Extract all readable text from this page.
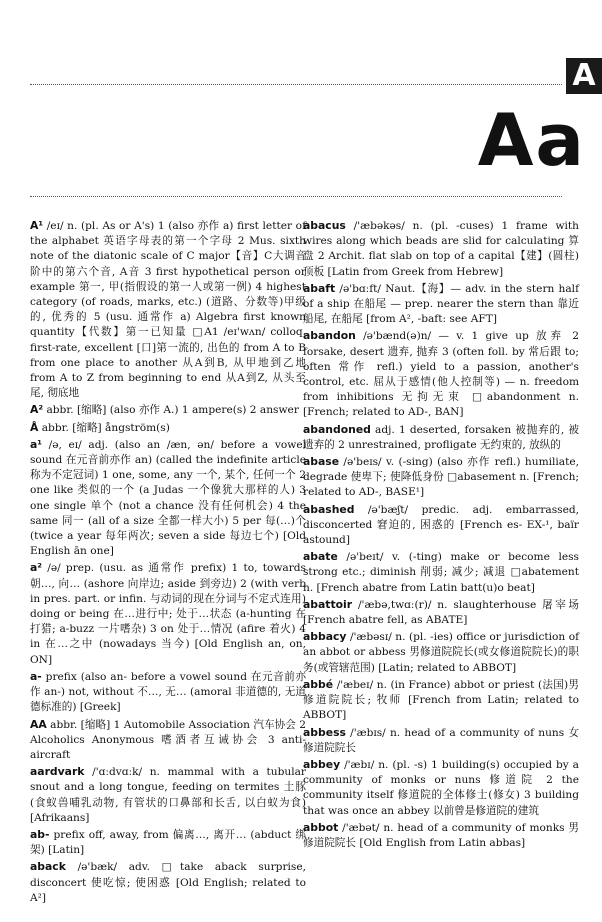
A
Aa

A¹ /eɪ/ n. (pl. As or A's) 1 (also 亦作 a) first letter of the alphabet 英语字母表的第一个字母 2 Mus. sixth note of the diatonic scale of C major【音】C大调音阶中的第六个音, A音 3 first hypothetical person or example 第一, 甲(指假设的第一人或第一例) 4 highest category (of roads, marks, etc.) (道路、分数等)甲级的, 优秀的 5 (usu. 通常作 a) Algebra first known quantity【代数】第一已知量 □A1 /eɪ'wʌn/ colloq. first-rate, excellent [口]第一流的, 出色的 from A to B from one place to another 从A到B, 从甲地到乙地 from A to Z from beginning to end 从A到Z, 从头至尾, 彻底地

A² abbr. [缩略] (also 亦作 A.) 1 ampere(s) 2 answer

Å abbr. [缩略] ångström(s)

a¹ /ə, eɪ/ adj. (also an /æn, ən/ before a vowel sound 在元音前亦作 an) (called the indefinite article 称为不定冠词) 1 one, some, any 一个, 某个, 任何一个 2 one like 类似的一个 (a Judas 一个像犹大那样的人) 3 one single 单个 (not a chance 没有任何机会) 4 the same 同一 (all of a size 全都一样大小) 5 per 每(…)个 (twice a year 每年两次; seven a side 每边七个) [Old English ān one]

a² /ə/ prep. (usu. as 通常作 prefix) 1 to, towards 朝…, 向… (ashore 向岸边; aside 到旁边) 2 (with verb in pres. part. or infin. 与动词的现在分词与不定式连用) doing or being 在…进行中; 处于…状态 (a-hunting 在打猎; a-buzz 一片嗜杂) 3 on 处于…情况 (afire 着火) 4 in 在…之中 (nowadays 当今) [Old English an, on, ON]

a- prefix (also an- before a vowel sound 在元音前亦作 an-) not, without 不…, 无… (amoral 非道德的, 无道德标准的) [Greek]

AA abbr. [缩略] 1 Automobile Association 汽车协会 2 Alcoholics Anonymous 嗜酒者互诫协会 3 anti-aircraft

aardvark /'ɑːdvɑːk/ n. mammal with a tubular snout and a long tongue, feeding on termites 土豚(食蚁兽哺乳动物, 有管状的口鼻部和长舌, 以白蚁为食) [Afrikaans]

ab- prefix off, away, from 偏离…, 离开… (abduct 绑架) [Latin]

aback /ə'bæk/ adv. □take aback surprise, disconcert 使吃惊; 使困惑 [Old English; related to A²]

abacus /'æbəkəs/ n. (pl. -cuses) 1 frame with wires along which beads are slid for calculating 算盘 2 Archit. flat slab on top of a capital【建】(圆柱)顶板 [Latin from Greek from Hebrew]

abaft /ə'bɑːft/ Naut.【海】— adv. in the stern half of a ship 在船尾 — prep. nearer the stern than 靠近船尾, 在船尾 [from A², -baft: see AFT]

abandon /ə'bænd(ə)n/ — v. 1 give up 放弃 2 forsake, desert 遗弃, 抛弃 3 (often foll. by 常后跟 to; often 常作 refl.) yield to a passion, another's control, etc. 屈从于感情(他人控制等) — n. freedom from inhibitions 无拘无束 □abandonment n. [French; related to AD-, BAN]

abandoned adj. 1 deserted, forsaken 被抛弃的, 被遗弃的 2 unrestrained, profligate 无约束的, 放纵的

abase /ə'beɪs/ v. (-sing) (also 亦作 refl.) humiliate, degrade 使卑下; 使降低身份 □abasement n. [French; related to AD-, BASE¹]

abashed /ə'bæʃt/ predic. adj. embarrassed, disconcerted 窘迫的, 困惑的 [French es- EX-¹, baïr astound]

abate /ə'beɪt/ v. (-ting) make or become less strong etc.; diminish 削弱; 减少; 减退 □abatement n. [French abatre from Latin batt(u)o beat]

abattoir /'æbə,twɑː(r)/ n. slaughterhouse 屠宰场 [French abatre fell, as ABATE]

abbacy /'æbəsɪ/ n. (pl. -ies) office or jurisdiction of an abbot or abbess 男修道院院长(或女修道院院长)的职务(或管辖范围) [Latin; related to ABBOT]

abbé /'æbeɪ/ n. (in France) abbot or priest (法国)男修道院院长; 牧师 [French from Latin; related to ABBOT]

abbess /'æbɪs/ n. head of a community of nuns 女修道院院长

abbey /'æbɪ/ n. (pl. -s) 1 building(s) occupied by a community of monks or nuns 修道院 2 the community itself 修道院的全体修士(修女) 3 building that was once an abbey 以前曾是修道院的建筑

abbot /'æbət/ n. head of a community of monks 男修道院院长 [Old English from Latin abbas]
